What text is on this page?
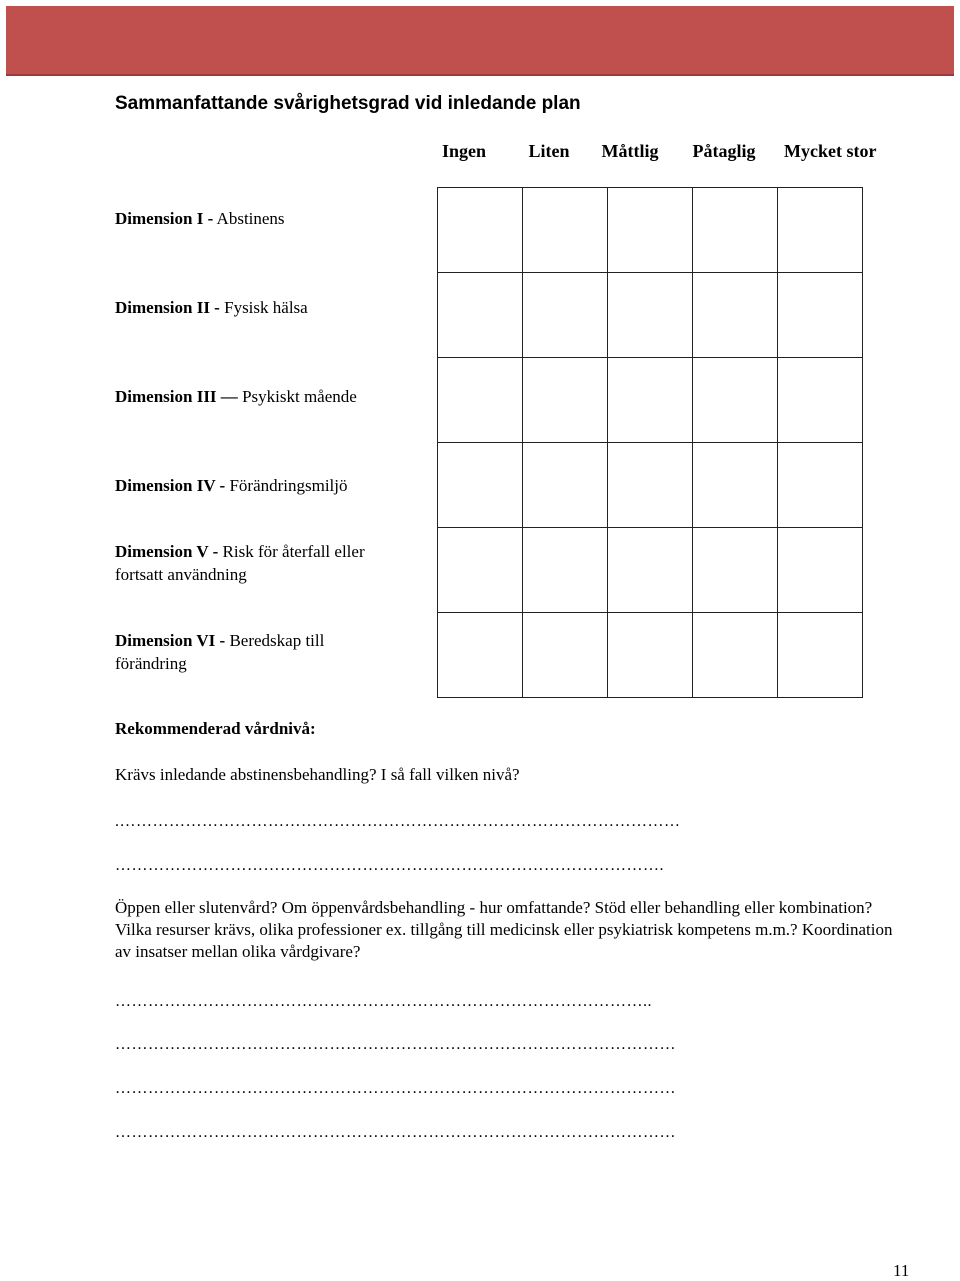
Sammanfattande svårighetsgrad vid inledande plan
Ingen	Liten	Måttlig	Påtaglig	Mycket stor
Dimension I - Abstinens
Dimension II - Fysisk hälsa
Dimension III — Psykiskt mående
Dimension IV - Förändringsmiljö
Dimension V - Risk för återfall eller
fortsatt användning
Dimension VI - Beredskap till
förändring

Rekommenderad vårdnivå:
Krävs inledande abstinensbehandling? I så fall vilken nivå?
.…………………………………………………………………………………………
……………………………………………………………………………………….
Öppen eller slutenvård? Om öppenvårdsbehandling - hur omfattande? Stöd eller behandling eller kombination? Vilka resurser krävs, olika professioner ex. tillgång till medicinsk eller psykiatrisk kompetens m.m.? Koordination av insatser mellan olika vårdgivare?
……………………………………………………………………………………..
…………………………………………………………………………………………
…………………………………………………………………………………………
…………………………………………………………………………………………
11
